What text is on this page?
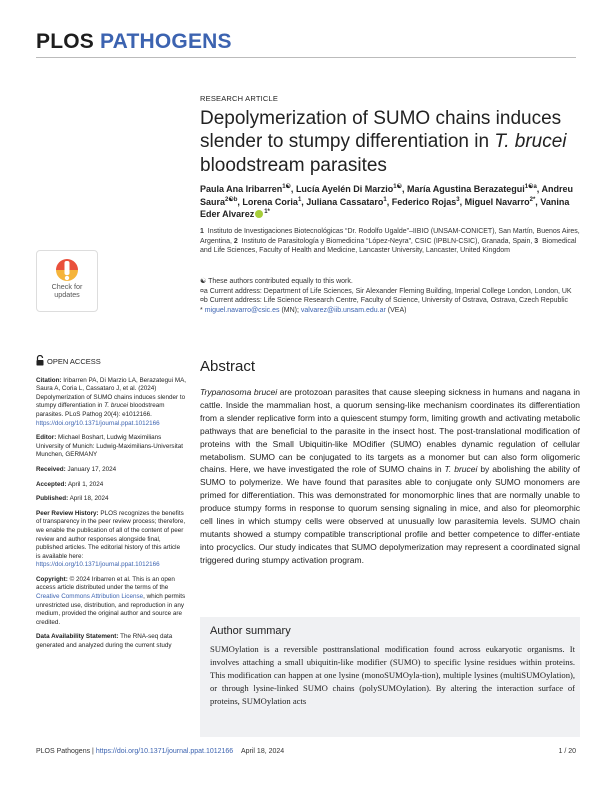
PLOS PATHOGENS
RESEARCH ARTICLE
Depolymerization of SUMO chains induces slender to stumpy differentiation in T. brucei bloodstream parasites
Paula Ana Iribarren$^{1☯}$, Lucía Ayelén Di Marzio$^{1☯}$, María Agustina Berazategui$^{1☯a}$, Andreu Saura$^{2☯b}$, Lorena Coria$^1$, Juliana Cassataro$^1$, Federico Rojas$^3$, Miguel Navarro$^{2*}$, Vanina Eder Alvarez $^{1*}$
1 Instituto de Investigaciones Biotecnológicas “Dr. Rodolfo Ugalde”–IIBIO (UNSAM-CONICET), San Martín, Buenos Aires, Argentina, 2 Instituto de Parasitología y Biomedicina “López-Neyra”, CSIC (IPBLN-CSIC), Granada, Spain, 3 Biomedical and Life Sciences, Faculty of Health and Medicine, Lancaster University, Lancaster, United Kingdom
☯ These authors contributed equally to this work.
¤a Current address: Department of Life Sciences, Sir Alexander Fleming Building, Imperial College London, London, UK
¤b Current address: Life Science Research Centre, Faculty of Science, University of Ostrava, Ostrava, Czech Republic
* miguel.navarro@csic.es (MN); valvarez@iib.unsam.edu.ar (VEA)
Check for
updates
OPEN ACCESS
Citation: Iribarren PA, Di Marzio LA, Berazategui MA, Saura A, Coria L, Cassataro J, et al. (2024) Depolymerization of SUMO chains induces slender to stumpy differentiation in T. brucei bloodstream parasites. PLoS Pathog 20(4): e1012166. https://doi.org/10.1371/journal.ppat.1012166
Editor: Michael Boshart, Ludwig Maximilians University of Munich: Ludwig-Maximilians-Universitat Munchen, GERMANY
Received: January 17, 2024
Accepted: April 1, 2024
Published: April 18, 2024
Peer Review History: PLOS recognizes the benefits of transparency in the peer review process; therefore, we enable the publication of all of the content of peer review and author responses alongside final, published articles. The editorial history of this article is available here: https://doi.org/10.1371/journal.ppat.1012166
Copyright: © 2024 Iribarren et al. This is an open access article distributed under the terms of the Creative Commons Attribution License, which permits unrestricted use, distribution, and reproduction in any medium, provided the original author and source are credited.
Data Availability Statement: The RNA-seq data generated and analyzed during the current study
Abstract
Trypanosoma brucei are protozoan parasites that cause sleeping sickness in humans and nagana in cattle. Inside the mammalian host, a quorum sensing-like mechanism coordinates its differentiation from a slender replicative form into a quiescent stumpy form, limiting growth and activating metabolic pathways that are beneficial to the parasite in the insect host. The post-translational modification of proteins with the Small Ubiquitin-like MOdifier (SUMO) enables dynamic regulation of cellular metabolism. SUMO can be conjugated to its targets as a monomer but can also form oligomeric chains. Here, we have investigated the role of SUMO chains in T. brucei by abolishing the ability of SUMO to polymerize. We have found that parasites able to conjugate only SUMO monomers are primed for differentiation. This was demonstrated for monomorphic lines that are normally unable to produce stumpy forms in response to quorum sensing signaling in mice, and also for pleomorphic cell lines in which stumpy cells were observed at unusually low parasitemia levels. SUMO chain mutants showed a stumpy compatible transcriptional profile and better competence to differ-entiate into procyclics. Our study indicates that SUMO depolymerization may represent a coordinated signal triggered during stumpy activation program.
Author summary
SUMOylation is a reversible posttranslational modification found across eukaryotic organisms. It involves attaching a small ubiquitin-like modifier (SUMO) to specific lysine residues within proteins. This modification can happen at one lysine (monoSUMOyla-tion), multiple lysines (multiSUMOylation), or through lysine-linked SUMO chains (polySUMOylation). By altering the interaction surface of proteins, SUMOylation acts
PLOS Pathogens | https://doi.org/10.1371/journal.ppat.1012166 April 18, 2024	1 / 20
